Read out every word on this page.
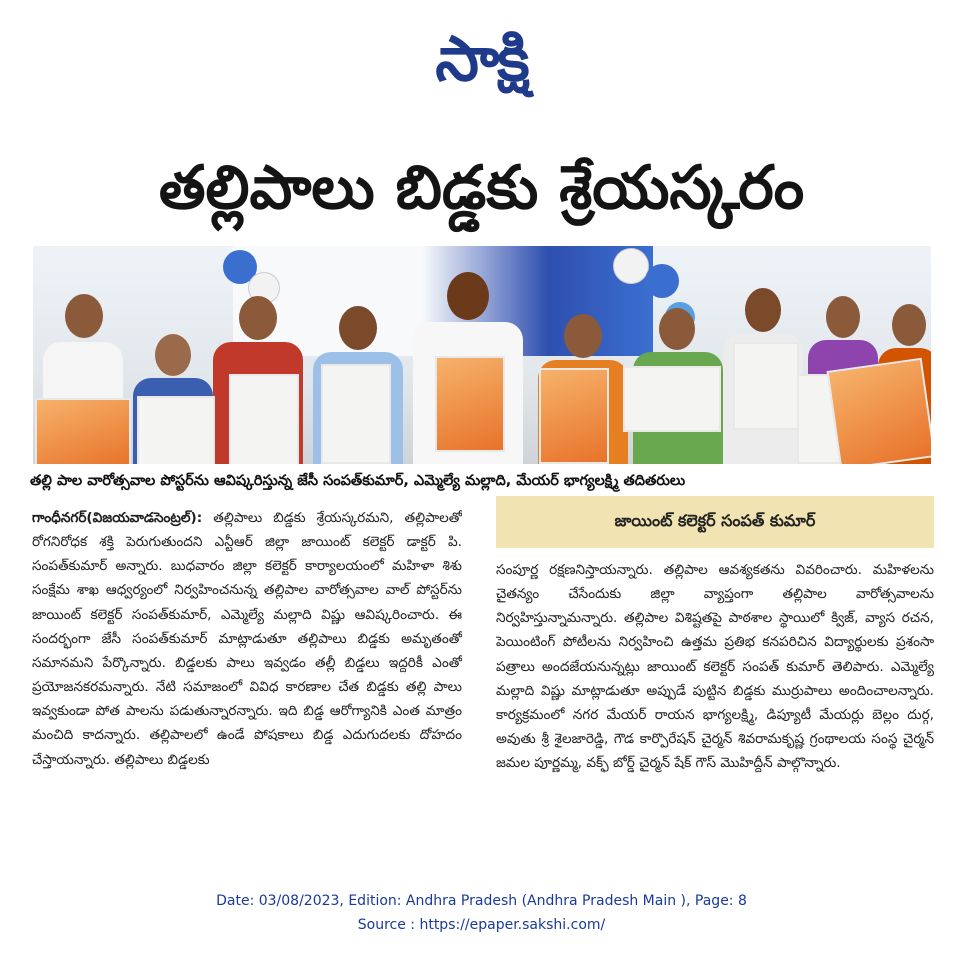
సాక్షి
తల్లిపాలు బిడ్డకు శ్రేయస్కరం
తల్లి పాల వారోత్సవాల పోస్టర్‌ను ఆవిష్కరిస్తున్న జేసీ సంపత్‌కుమార్, ఎమ్మెల్యే మల్లాది, మేయర్ భాగ్యలక్ష్మి తదితరులు
గాంధీనగర్(విజయవాడసెంట్రల్): తల్లిపాలు బిడ్డకు శ్రేయస్కరమని, తల్లిపాలతో రోగనిరోధక శక్తి పెరుగుతుందని ఎన్టీఆర్ జిల్లా జాయింట్ కలెక్టర్ డాక్టర్ పి. సంపత్‌కుమార్ అన్నారు. బుధవారం జిల్లా కలెక్టర్ కార్యాలయంలో మహిళా శిశు సంక్షేమ శాఖ ఆధ్వర్యంలో నిర్వహించనున్న తల్లిపాల వారోత్సవాల వాల్ పోస్టర్‌ను జాయింట్ కలెక్టర్ సంపత్‌కుమార్, ఎమ్మెల్యే మల్లాది విష్ణు ఆవిష్కరించారు. ఈ సందర్భంగా జేసీ సంపత్‌కుమార్ మాట్లాడుతూ తల్లిపాలు బిడ్డకు అమృతంతో సమానమని పేర్కొన్నారు. బిడ్డలకు పాలు ఇవ్వడం తల్లీ బిడ్డలు ఇద్దరికీ ఎంతో ప్రయోజనకరమన్నారు. నేటి సమాజంలో వివిధ కారణాల చేత బిడ్డకు తల్లి పాలు ఇవ్వకుండా పోత పాలను పడుతున్నారన్నారు. ఇది బిడ్డ ఆరోగ్యానికి ఎంత మాత్రం మంచిది కాదన్నారు. తల్లిపాలలో ఉండే పోషకాలు బిడ్డ ఎదుగుదలకు దోహదం చేస్తాయన్నారు. తల్లిపాలు బిడ్డలకు
జాయింట్ కలెక్టర్ సంపత్ కుమార్
సంపూర్ణ రక్షణనిస్తాయన్నారు. తల్లిపాల ఆవశ్యకతను వివరించారు. మహిళలను చైతన్యం చేసేందుకు జిల్లా వ్యాప్తంగా తల్లిపాల వారోత్సవాలను నిర్వహిస్తున్నామన్నారు. తల్లిపాల విశిష్టతపై పాఠశాల స్థాయిలో క్విజ్, వ్యాస రచన, పెయింటింగ్ పోటీలను నిర్వహించి ఉత్తమ ప్రతిభ కనపరిచిన విద్యార్థులకు ప్రశంసా పత్రాలు అందజేయనున్నట్లు జాయింట్ కలెక్టర్ సంపత్ కుమార్ తెలిపారు. ఎమ్మెల్యే మల్లాది విష్ణు మాట్లాడుతూ అప్పుడే పుట్టిన బిడ్డకు ముర్రుపాలు అందించాలన్నారు. కార్యక్రమంలో నగర మేయర్ రాయన భాగ్యలక్ష్మి, డిప్యూటీ మేయర్లు బెల్లం దుర్గ, అవుతు శ్రీ శైలజారెడ్డి, గౌడ కార్పొరేషన్ చైర్మన్ శివరామకృష్ణ గ్రంథాలయ సంస్థ చైర్మన్ జమల పూర్ణమ్మ, వక్ఫ్ బోర్డ్ చైర్మన్ షేక్ గౌస్ మొహిద్దీన్ పాల్గొన్నారు.
Date: 03/08/2023, Edition: Andhra Pradesh (Andhra Pradesh Main ), Page: 8
Source : https://epaper.sakshi.com/
